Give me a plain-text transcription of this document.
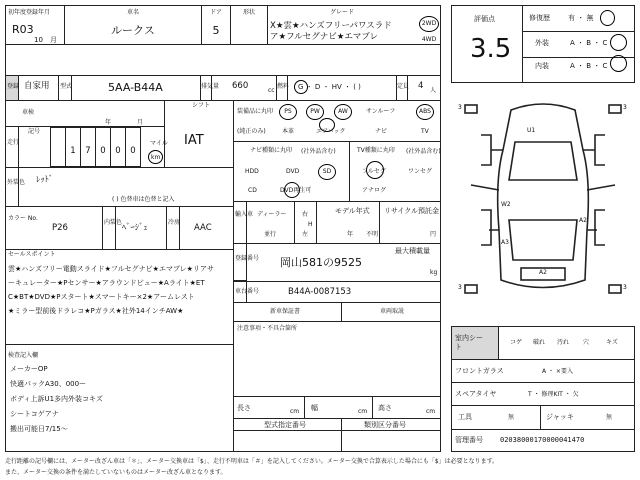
初年度登録年月
R03
10 月
車名
ルークス
ドア
5
形状	グレード
X★雲★ハンズフリーパワスラド
ア★フルセグナビ★エマブレ
2WD
4WD
登録 自家用 型式	5AA-B44A	排気量 660	cc
燃料 G ・ D ・ HV ・ ( )	定員 4 人
車検
年	月
シフト
IAT
走行
記号
1	7	0	0	0
マイル
km
外装色 ﾚｯﾄﾞ
( ) 色替車は色替と記入
カラー No.
P26
内装色
ﾍﾞｰｼﾞｭ
冷房
AAC
セールスポイント
雲★ハンズフリー電動スライド★フルセグナビ★エマブレ★リアサ
ーキュレーター★Pセンサー★アラウンドビュー★Aライト★ET
C★BT★DVD★Pスタート★スマートキー×2★アームレスト
★ミラー型前後ドラレコ★Pガラス★社外14インチAW★
検査記入欄
メーカーOP
快適パックA30、000ー
ボディ上訴U1多内外装コキズ
シートコゲアナ
搬出可能日7/15〜
装備品に丸印
(純正のみ)
PS	PW	AW	サンルーフ	ABS
本革	エアバック	ナビ	TV
ナビ種類に丸印 (社外品含む)
HDD	DVD	SD
CD	DVD再生可
TV種類に丸印 (社外品含む)
フルセグ	ワンセグ
アナログ
輸入車 ディーラー
並行
右
左
H
モデル年式
年 不明
リサイクル預託金
円
登録番号 岡山581の9525
最大積載量
kg
車台番号	B44A-0087153
新車保証書	車両取説
注意事項・不具合箇所
長さ	cm 幅	cm 高さ	cm
型式指定番号	類別区分番号
評価点
3.5
修復歴	有 ・ 無
外装	A ・ B ・ C
内装	A ・ B ・ C
3	3
3	3
U1
W2
A2
A3
A2
室内シート
コゲ 破れ 汚れ 穴	キズ
フロントガラス	A ・ ×要入
スペアタイヤ	T ・ 修理KIT ・ 欠
工具	無	ジャッキ	無
管理番号 02038000170000041470
走行距離の記号欄には、メーター改ざん車は「＊」、メーター交換車は「$」、走行不明車は「＃」を記入してください。メーター交換で合算表示した場合にも「$」は必要となります。
また、メーター交換の条件を満たしていないものはメーター改ざん車となります。
